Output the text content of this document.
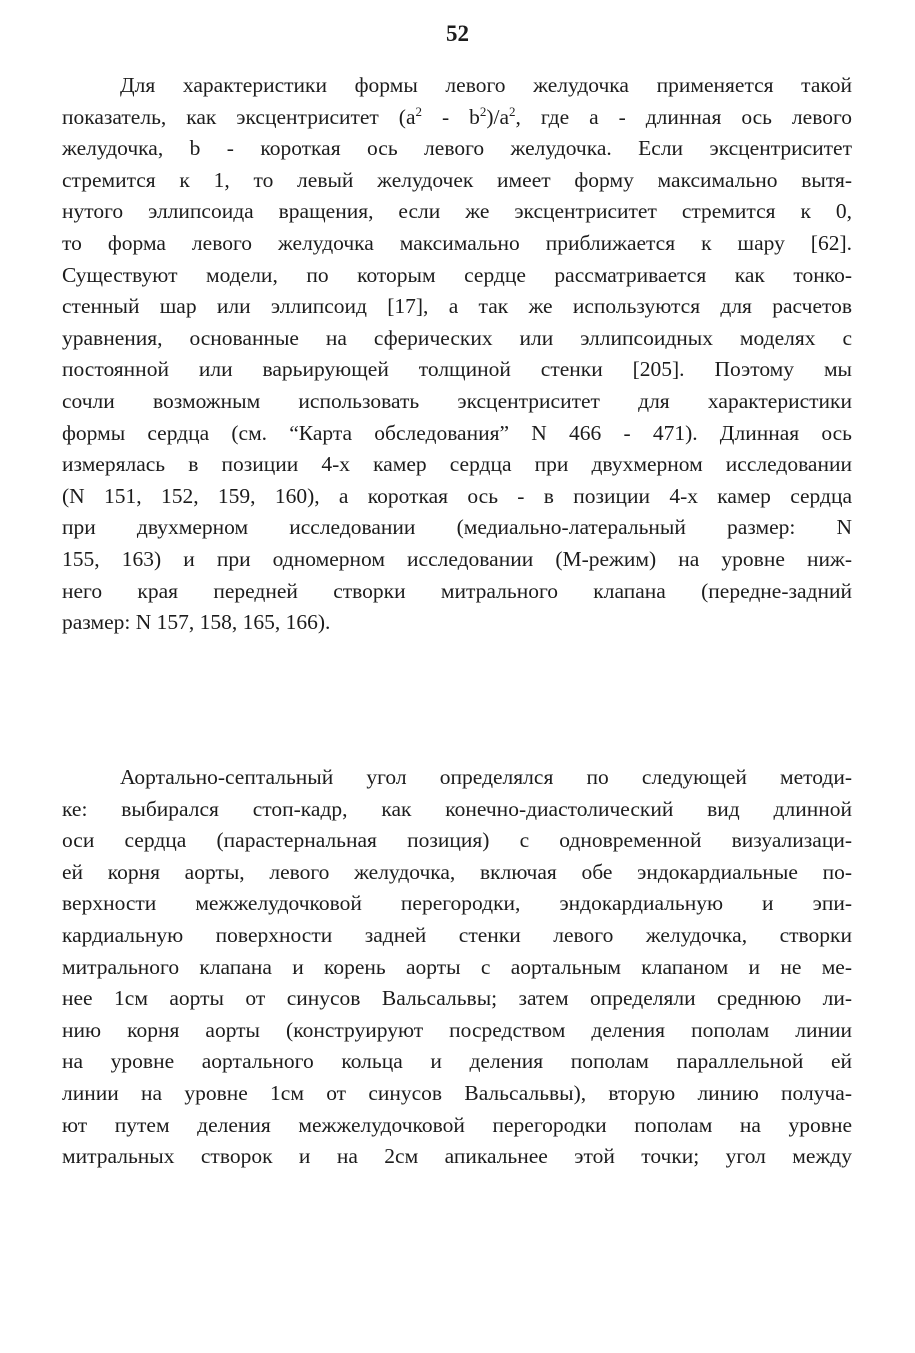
52
Для характеристики формы левого желудочка применяется такой
показатель, как эксцентриситет $(a^2 - b^2)/a^2$, где a - длинная ось левого
желудочка, b - короткая ось левого желудочка. Если эксцентриситет
стремится к 1, то левый желудочек имеет форму максимально вытя-
нутого эллипсоида вращения, если же эксцентриситет стремится к 0,
то форма левого желудочка максимально приближается к шару [62].
Существуют модели, по которым сердце рассматривается как тонко-
стенный шар или эллипсоид [17], а так же используются для расчетов
уравнения, основанные на сферических или эллипсоидных моделях с
постоянной или варьирующей толщиной стенки [205]. Поэтому мы
сочли возможным использовать эксцентриситет для характеристики
формы сердца (см. “Карта обследования” N 466 - 471). Длинная ось
измерялась в позиции 4-х камер сердца при двухмерном исследовании
(N 151, 152, 159, 160), а короткая ось - в позиции 4-х камер сердца
при двухмерном исследовании (медиально-латеральный размер: N
155, 163) и при одномерном исследовании (М-режим) на уровне ниж-
него края передней створки митрального клапана (передне-задний
размер: N 157, 158, 165, 166).
Аортально-септальный угол определялся по следующей методи-
ке: выбирался стоп-кадр, как конечно-диастолический вид длинной
оси сердца (парастернальная позиция) с одновременной визуализаци-
ей корня аорты, левого желудочка, включая обе эндокардиальные по-
верхности межжелудочковой перегородки, эндокардиальную и эпи-
кардиальную поверхности задней стенки левого желудочка, створки
митрального клапана и корень аорты с аортальным клапаном и не ме-
нее 1см аорты от синусов Вальсальвы; затем определяли среднюю ли-
нию корня аорты (конструируют посредством деления пополам линии
на уровне аортального кольца и деления пополам параллельной ей
линии на уровне 1см от синусов Вальсальвы), вторую линию получа-
ют путем деления межжелудочковой перегородки пополам на уровне
митральных створок и на 2см апикальнее этой точки; угол между
